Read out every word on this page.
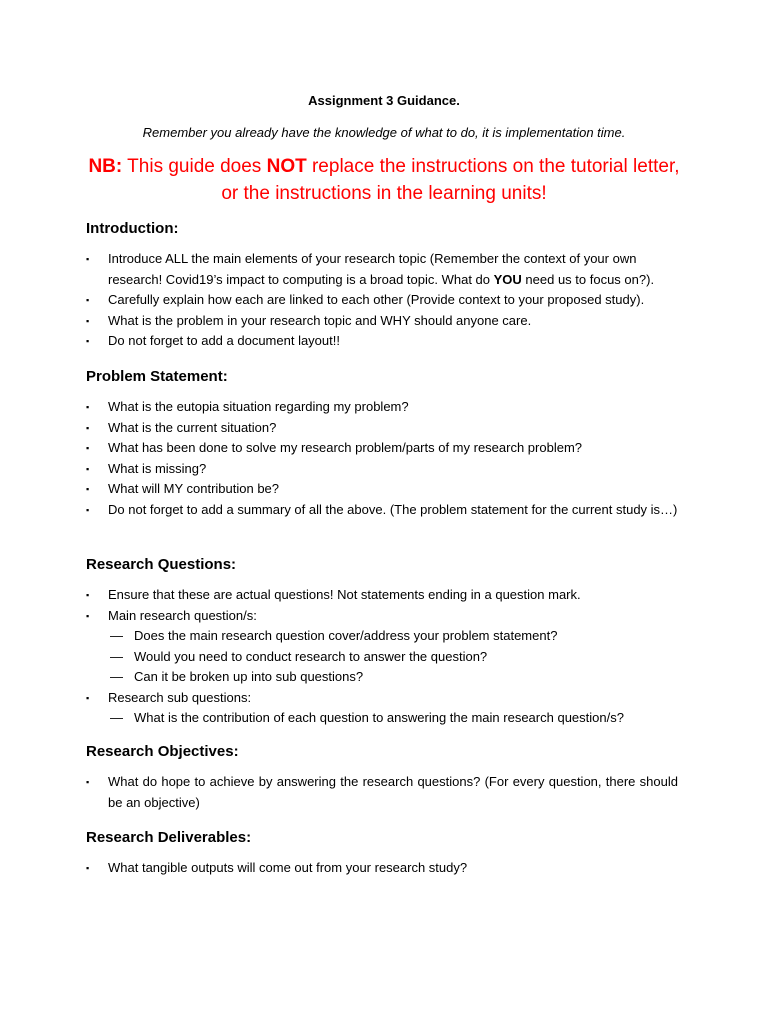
Assignment 3 Guidance.
Remember you already have the knowledge of what to do, it is implementation time.
NB: This guide does NOT replace the instructions on the tutorial letter,
or the instructions in the learning units!
Introduction:
▪ Introduce ALL the main elements of your research topic (Remember the context of your own research! Covid19’s impact to computing is a broad topic. What do YOU need us to focus on?).
▪ Carefully explain how each are linked to each other (Provide context to your proposed study).
▪ What is the problem in your research topic and WHY should anyone care.
▪ Do not forget to add a document layout!!
Problem Statement:
▪ What is the eutopia situation regarding my problem?
▪ What is the current situation?
▪ What has been done to solve my research problem/parts of my research problem?
▪ What is missing?
▪ What will MY contribution be?
▪ Do not forget to add a summary of all the above. (The problem statement for the current study is…)
Research Questions:
▪ Ensure that these are actual questions! Not statements ending in a question mark.
▪ Main research question/s:
— Does the main research question cover/address your problem statement?
— Would you need to conduct research to answer the question?
— Can it be broken up into sub questions?
▪ Research sub questions:
— What is the contribution of each question to answering the main research question/s?
Research Objectives:
▪ What do hope to achieve by answering the research questions? (For every question, there should be an objective)
Research Deliverables:
▪ What tangible outputs will come out from your research study?
